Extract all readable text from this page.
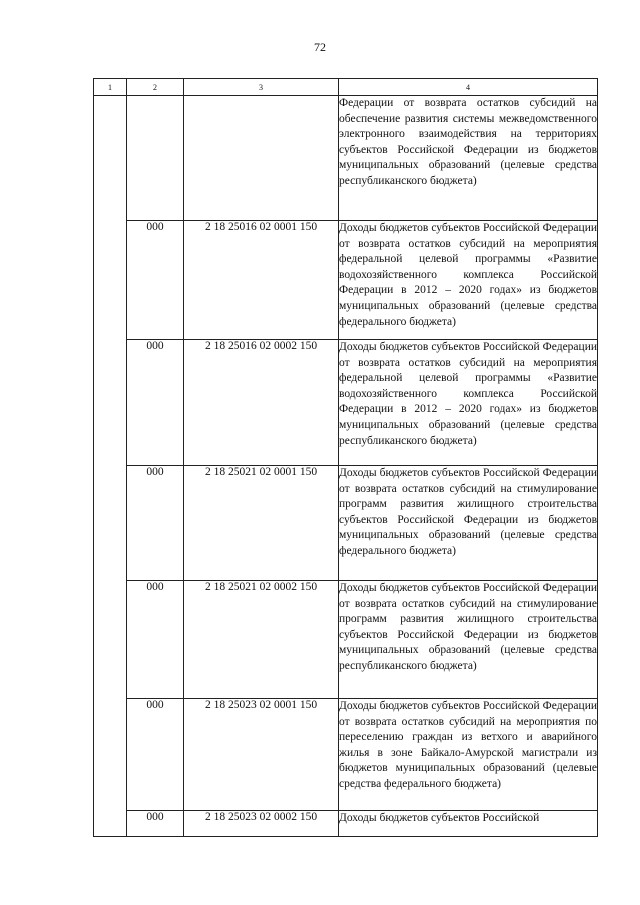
72
1	2	3	4
			Федерации от возврата остатков субсидий на обеспечение развития системы межведомственного электронного взаимодействия на территориях субъектов Российской Федерации из бюджетов муниципальных образований (целевые средства республиканского бюджета)
	000	2 18 25016 02 0001 150	Доходы бюджетов субъектов Российской Федерации от возврата остатков субсидий на мероприятия федеральной целевой программы «Развитие водохозяйственного комплекса Российской Федерации в 2012 – 2020 годах» из бюджетов муниципальных образований (целевые средства федерального бюджета)
	000	2 18 25016 02 0002 150	Доходы бюджетов субъектов Российской Федерации от возврата остатков субсидий на мероприятия федеральной целевой программы «Развитие водохозяйственного комплекса Российской Федерации в 2012 – 2020 годах» из бюджетов муниципальных образований (целевые средства республиканского бюджета)
	000	2 18 25021 02 0001 150	Доходы бюджетов субъектов Российской Федерации от возврата остатков субсидий на стимулирование программ развития жилищного строительства субъектов Российской Федерации из бюджетов муниципальных образований (целевые средства федерального бюджета)
	000	2 18 25021 02 0002 150	Доходы бюджетов субъектов Российской Федерации от возврата остатков субсидий на стимулирование программ развития жилищного строительства субъектов Российской Федерации из бюджетов муниципальных образований (целевые средства республиканского бюджета)
	000	2 18 25023 02 0001 150	Доходы бюджетов субъектов Российской Федерации от возврата остатков субсидий на мероприятия по переселению граждан из ветхого и аварийного жилья в зоне Байкало-Амурской магистрали из бюджетов муниципальных образований (целевые средства федерального бюджета)
	000	2 18 25023 02 0002 150	Доходы бюджетов субъектов Российской
